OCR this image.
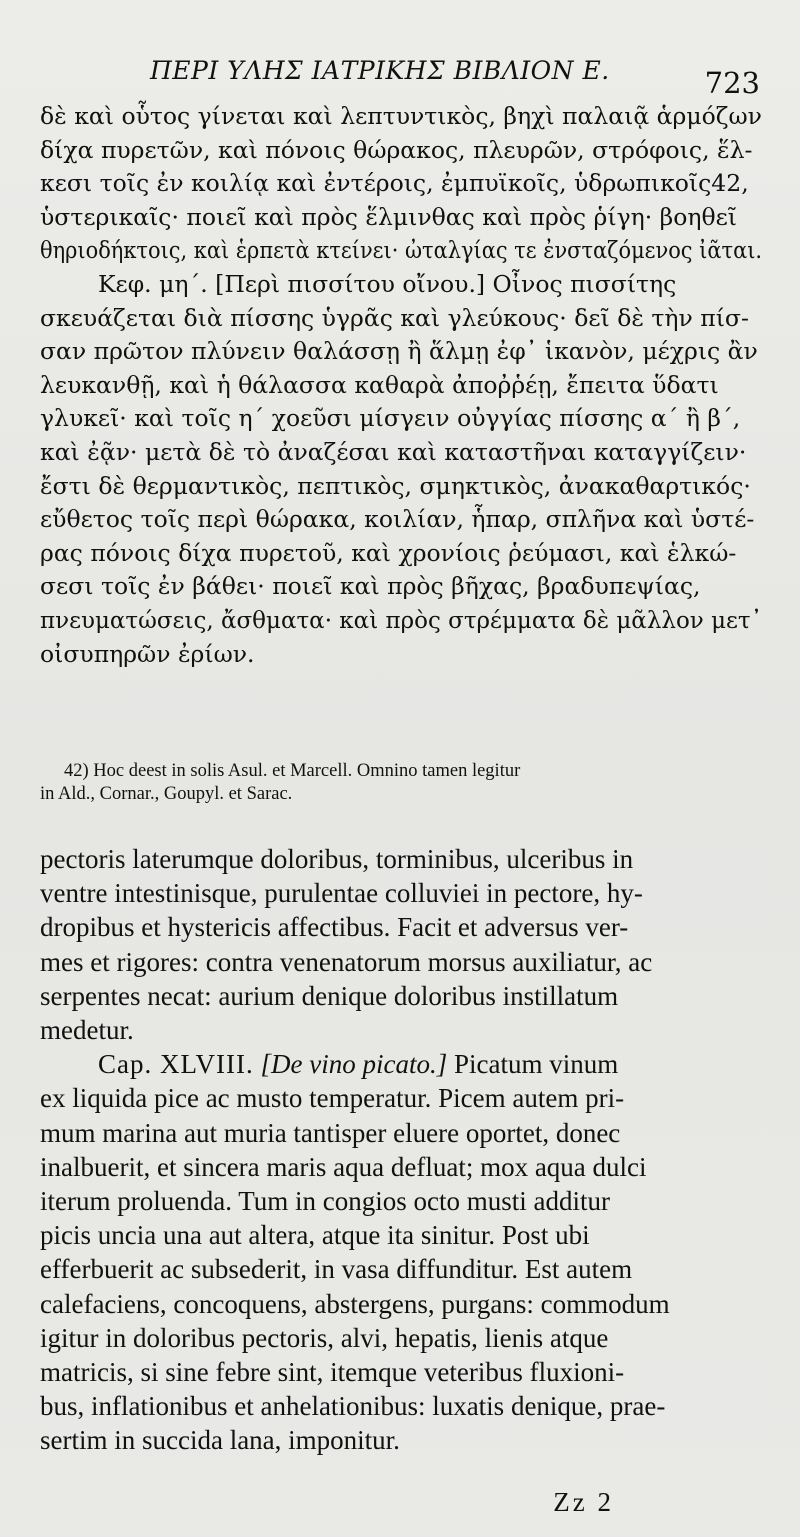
ΠΕΡΙ ΥΛΗΣ ΙΑΤΡΙΚΗΣ ΒΙΒΛΙΟΝ Ε.	723
δὲ καὶ οὗτος γίνεται καὶ λεπτυντικὸς, βηχὶ παλαιᾷ ἁρμόζων
δίχα πυρετῶν, καὶ πόνοις θώρακος, πλευρῶν, στρόφοις, ἕλ-
κεσι τοῖς ἐν κοιλίᾳ καὶ ἐντέροις, ἐμπυϊκοῖς, ὑδρωπικοῖς42,
ὑστερικαῖς· ποιεῖ καὶ πρὸς ἕλμινθας καὶ πρὸς ῥίγη· βοηθεῖ
θηριοδήκτοις, καὶ ἑρπετὰ κτείνει· ὠταλγίας τε ἐνσταζόμενος ἰᾶται.
Κεφ. μη΄. [Περὶ πισσίτου οἴνου.] Οἶνος πισσίτης
σκευάζεται διὰ πίσσης ὑγρᾶς καὶ γλεύκους· δεῖ δὲ τὴν πίσ-
σαν πρῶτον πλύνειν θαλάσσῃ ἢ ἅλμῃ ἐφ᾿ ἱκανὸν, μέχρις ἂν
λευκανθῇ, καὶ ἡ θάλασσα καθαρὰ ἀποῤῥέῃ, ἔπειτα ὕδατι
γλυκεῖ· καὶ τοῖς η΄ χοεῦσι μίσγειν οὐγγίας πίσσης α΄ ἢ β΄,
καὶ ἐᾷν· μετὰ δὲ τὸ ἀναζέσαι καὶ καταστῆναι καταγγίζειν·
ἔστι δὲ θερμαντικὸς, πεπτικὸς, σμηκτικὸς, ἀνακαθαρτικός·
εὔθετος τοῖς περὶ θώρακα, κοιλίαν, ἧπαρ, σπλῆνα καὶ ὑστέ-
ρας πόνοις δίχα πυρετοῦ, καὶ χρονίοις ῥεύμασι, καὶ ἑλκώ-
σεσι τοῖς ἐν βάθει· ποιεῖ καὶ πρὸς βῆχας, βραδυπεψίας,
πνευματώσεις, ἄσθματα· καὶ πρὸς στρέμματα δὲ μᾶλλον μετ᾿
οἰσυπηρῶν ἐρίων.
42) Hoc deest in solis Asul. et Marcell. Omnino tamen legitur
in Ald., Cornar., Goupyl. et Sarac.
pectoris laterumque doloribus, torminibus, ulceribus in
ventre intestinisque, purulentae colluviei in pectore, hy-
dropibus et hystericis affectibus. Facit et adversus ver-
mes et rigores: contra venenatorum morsus auxiliatur, ac
serpentes necat: aurium denique doloribus instillatum
medetur.
Cap. XLVIII. [De vino picato.] Picatum vinum
ex liquida pice ac musto temperatur. Picem autem pri-
mum marina aut muria tantisper eluere oportet, donec
inalbuerit, et sincera maris aqua defluat; mox aqua dulci
iterum proluenda. Tum in congios octo musti additur
picis uncia una aut altera, atque ita sinitur. Post ubi
efferbuerit ac subsederit, in vasa diffunditur. Est autem
calefaciens, concoquens, abstergens, purgans: commodum
igitur in doloribus pectoris, alvi, hepatis, lienis atque
matricis, si sine febre sint, itemque veteribus fluxioni-
bus, inflationibus et anhelationibus: luxatis denique, prae-
sertim in succida lana, imponitur.
Zz 2
